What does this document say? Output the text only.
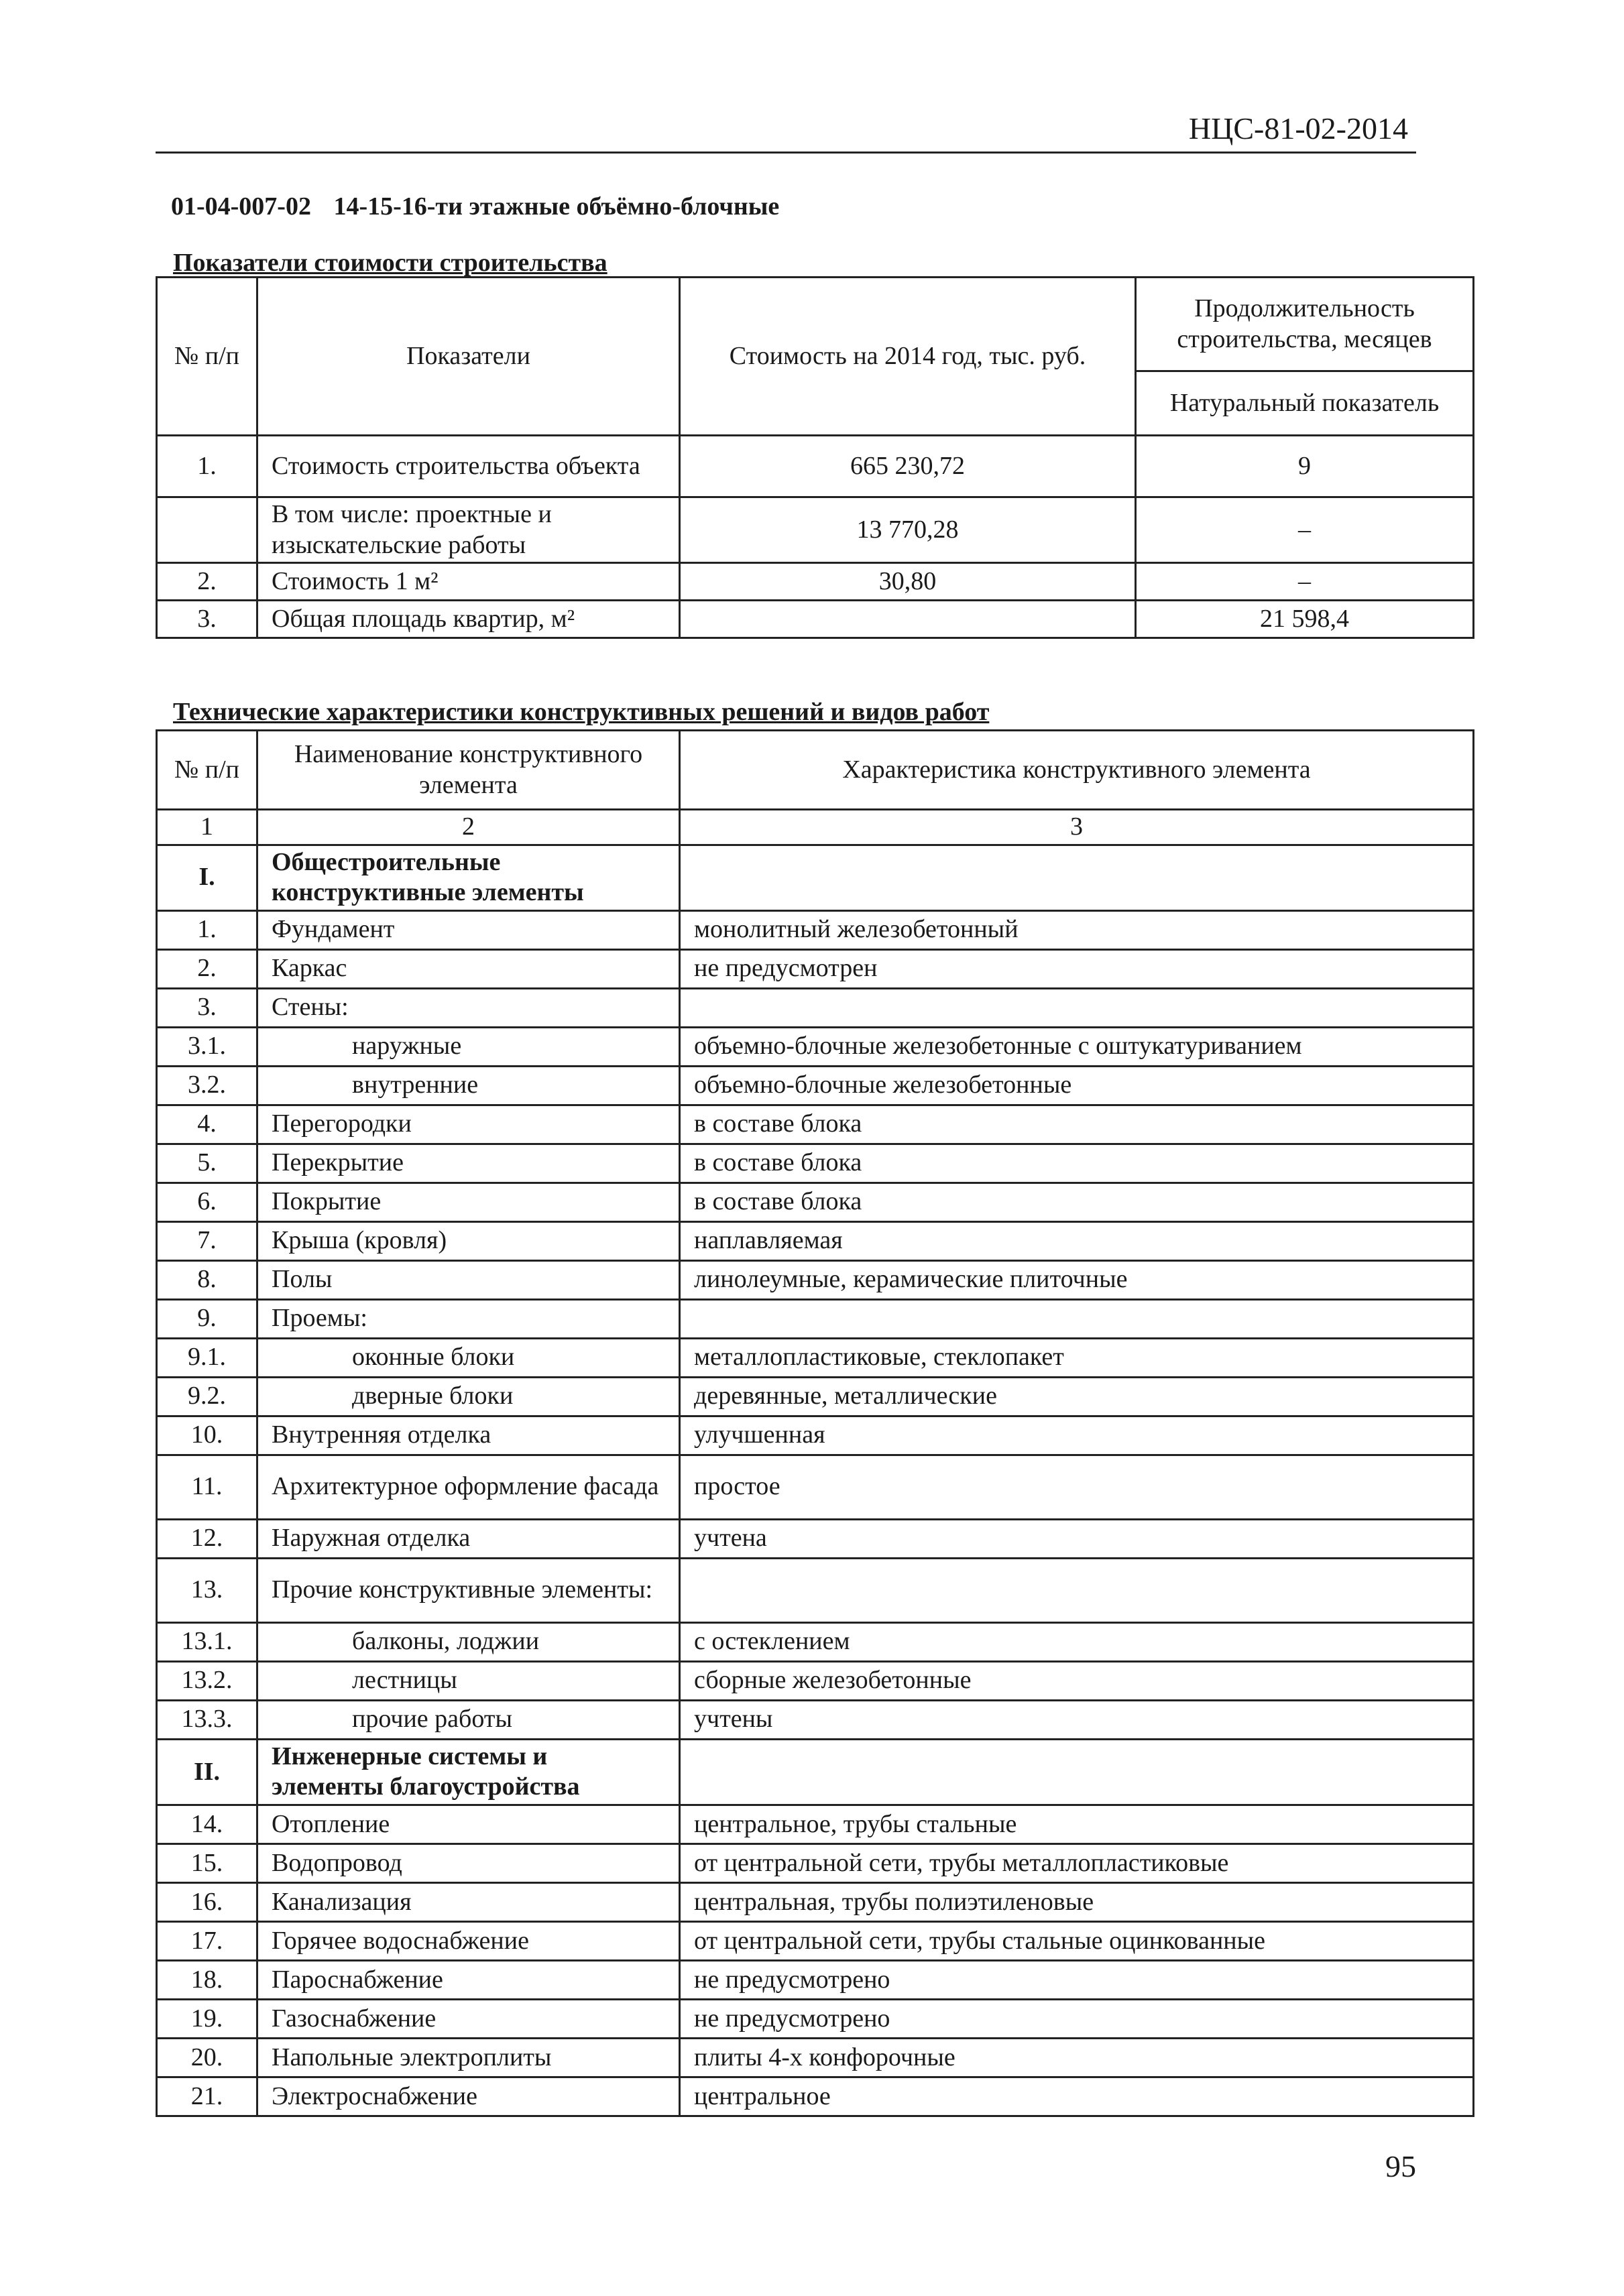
НЦС-81-02-2014
01-04-007-02 14-15-16-ти этажные объёмно-блочные
Показатели стоимости строительства
№ п/п	Показатели	Стоимость на 2014 год, тыс. руб.	Продолжительность строительства, месяцев
			Натуральный показатель
1.	Стоимость строительства объекта	665 230,72	9
	В том числе: проектные и изыскательские работы	13 770,28	–
2.	Стоимость 1 м²	30,80	–
3.	Общая площадь квартир, м²		21 598,4
Технические характеристики конструктивных решений и видов работ
№ п/п	Наименование конструктивного элемента	Характеристика конструктивного элемента
1	2	3
I.	Общестроительные конструктивные элементы	
1.	Фундамент	монолитный железобетонный
2.	Каркас	не предусмотрен
3.	Стены:	
3.1.	наружные	объемно-блочные железобетонные с оштукатуриванием
3.2.	внутренние	объемно-блочные железобетонные
4.	Перегородки	в составе блока
5.	Перекрытие	в составе блока
6.	Покрытие	в составе блока
7.	Крыша (кровля)	наплавляемая
8.	Полы	линолеумные, керамические плиточные
9.	Проемы:	
9.1.	оконные блоки	металлопластиковые, стеклопакет
9.2.	дверные блоки	деревянные, металлические
10.	Внутренняя отделка	улучшенная
11.	Архитектурное оформление фасада	простое
12.	Наружная отделка	учтена
13.	Прочие конструктивные элементы:	
13.1.	балконы, лоджии	с остеклением
13.2.	лестницы	сборные железобетонные
13.3.	прочие работы	учтены
II.	Инженерные системы и элементы благоустройства	
14.	Отопление	центральное, трубы стальные
15.	Водопровод	от центральной сети, трубы металлопластиковые
16.	Канализация	центральная, трубы полиэтиленовые
17.	Горячее водоснабжение	от центральной сети, трубы стальные оцинкованные
18.	Пароснабжение	не предусмотрено
19.	Газоснабжение	не предусмотрено
20.	Напольные электроплиты	плиты 4-х конфорочные
21.	Электроснабжение	центральное
95
